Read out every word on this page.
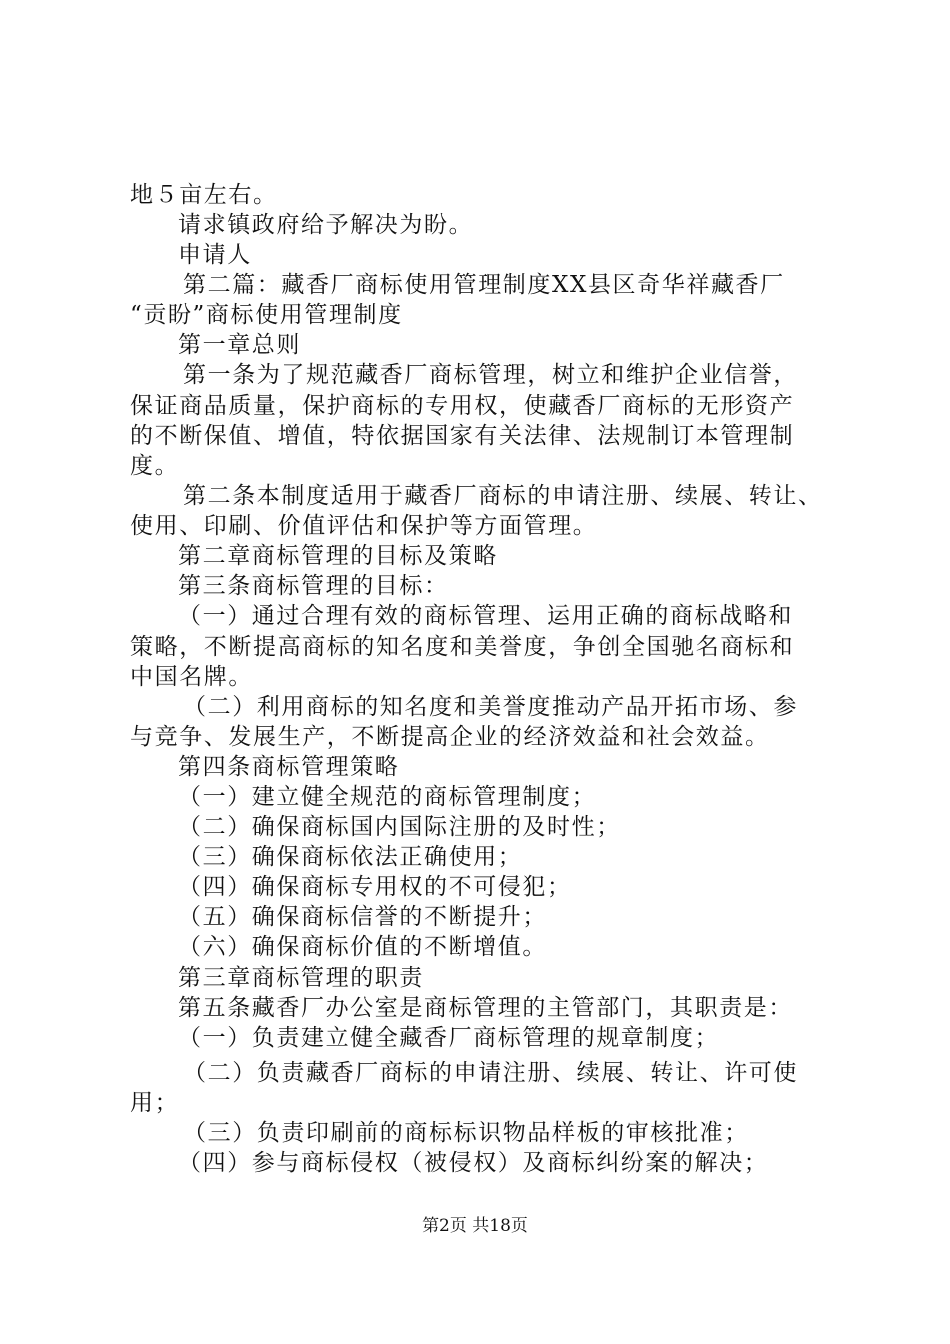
地５亩左右。
请求镇政府给予解决为盼。
申请人
第二篇：藏香厂商标使用管理制度XX县区奇华祥藏香厂
“贡盼”商标使用管理制度
第一章总则
第一条为了规范藏香厂商标管理，树立和维护企业信誉，
保证商品质量，保护商标的专用权，使藏香厂商标的无形资产
的不断保值、增值，特依据国家有关法律、法规制订本管理制
度。
第二条本制度适用于藏香厂商标的申请注册、续展、转让、
使用、印刷、价值评估和保护等方面管理。
第二章商标管理的目标及策略
第三条商标管理的目标：
（一）通过合理有效的商标管理、运用正确的商标战略和
策略，不断提高商标的知名度和美誉度，争创全国驰名商标和
中国名牌。
（二）利用商标的知名度和美誉度推动产品开拓市场、参
与竞争、发展生产，不断提高企业的经济效益和社会效益。
第四条商标管理策略
（一）建立健全规范的商标管理制度；
（二）确保商标国内国际注册的及时性；
（三）确保商标依法正确使用；
（四）确保商标专用权的不可侵犯；
（五）确保商标信誉的不断提升；
（六）确保商标价值的不断增值。
第三章商标管理的职责
第五条藏香厂办公室是商标管理的主管部门，其职责是：
（一）负责建立健全藏香厂商标管理的规章制度；
（二）负责藏香厂商标的申请注册、续展、转让、许可使
用；
（三）负责印刷前的商标标识物品样板的审核批准；
（四）参与商标侵权（被侵权）及商标纠纷案的解决；
第2页 共18页
